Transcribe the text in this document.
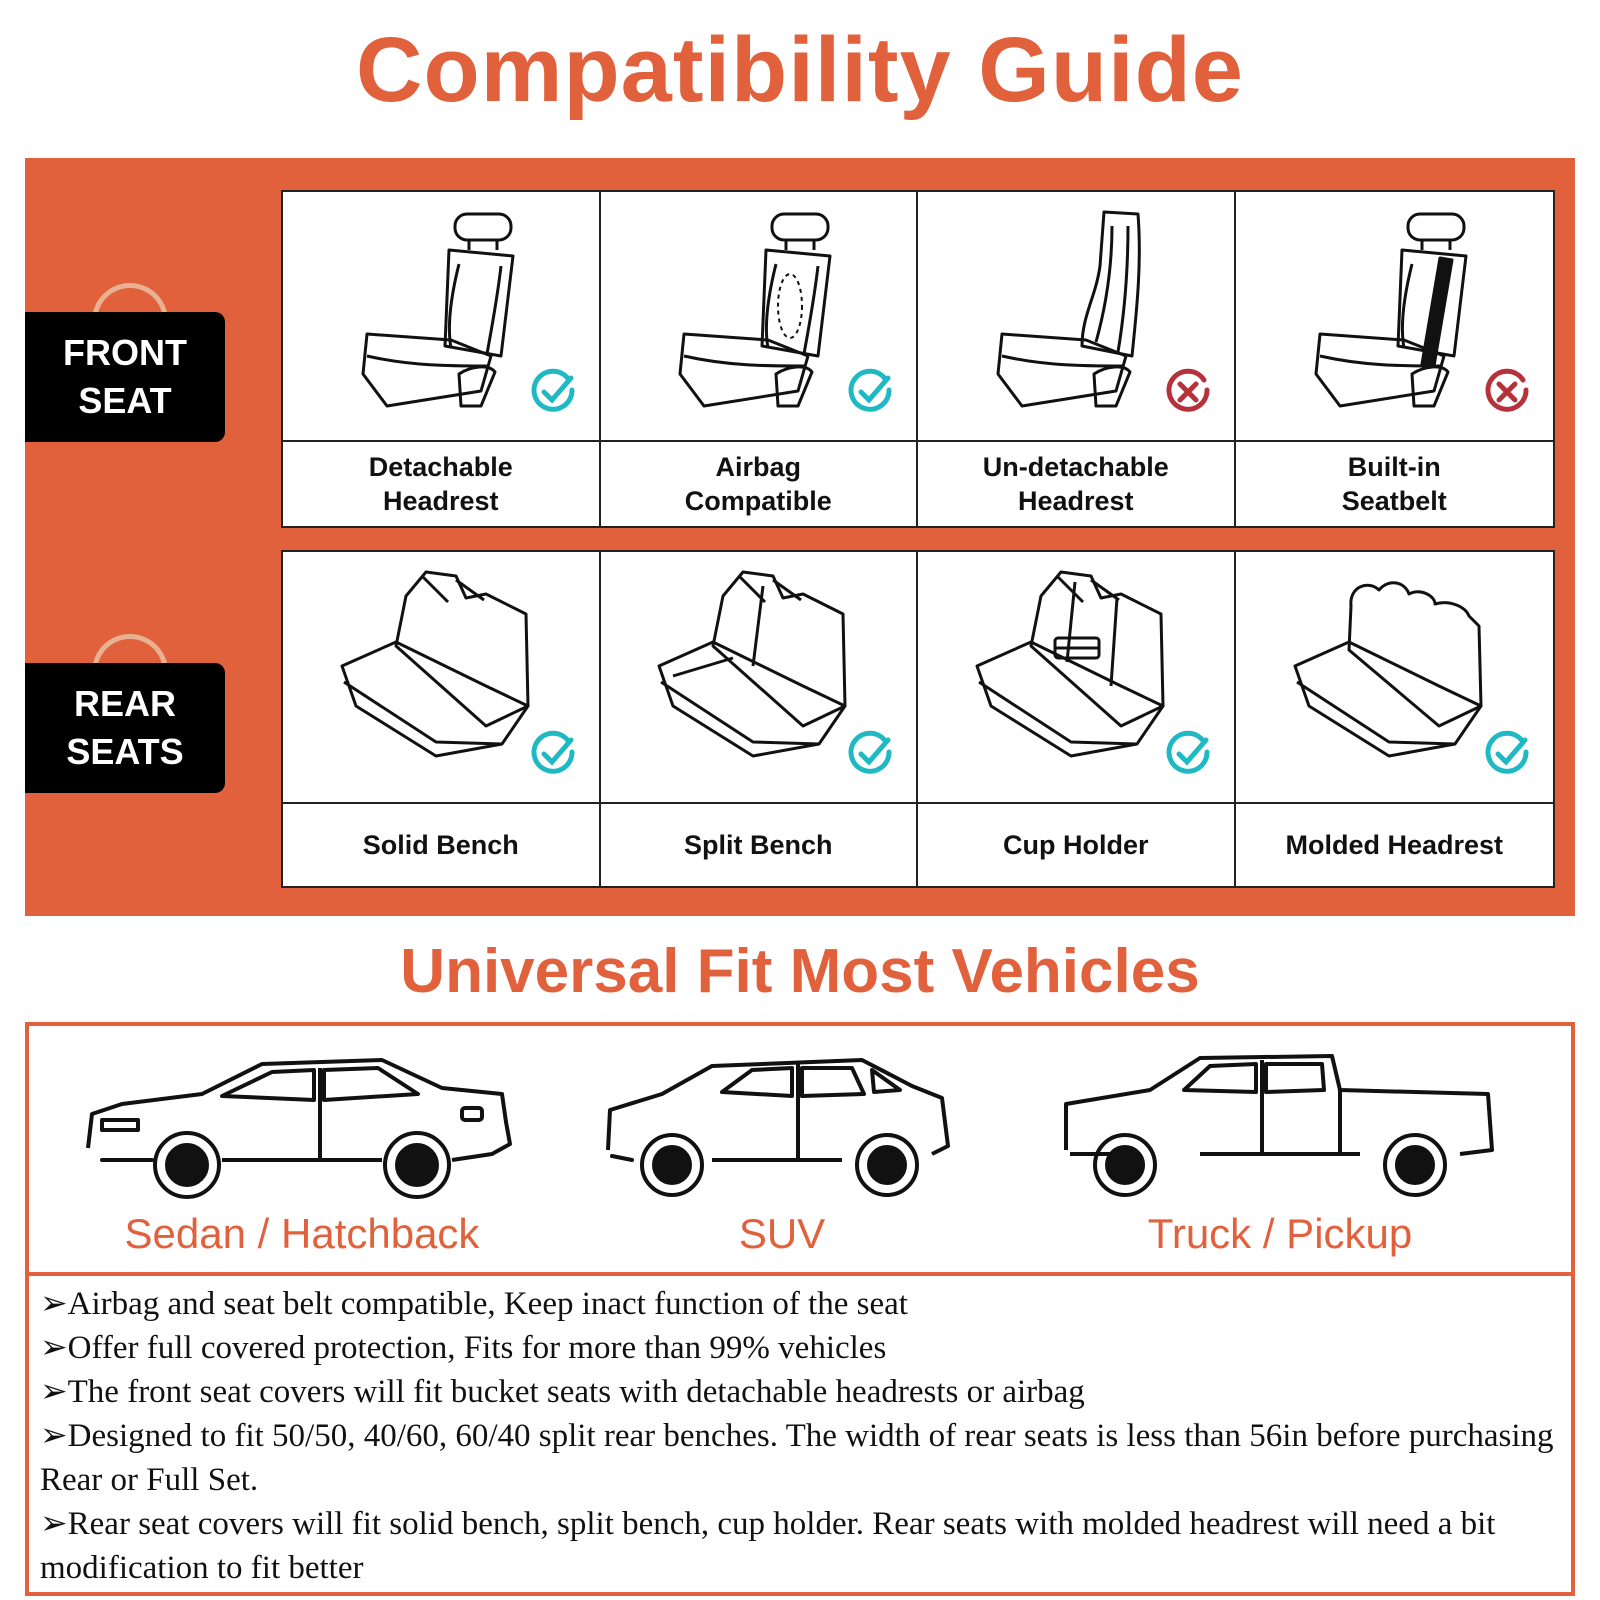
Compatibility Guide
FRONT
SEAT
REAR
SEATS
Detachable
Headrest
Airbag
Compatible
Un-detachable
Headrest
Built-in
Seatbelt
Solid Bench	Split Bench	Cup Holder	Molded Headrest
Universal Fit Most Vehicles
Sedan / Hatchback	SUV	Truck / Pickup

➢Airbag and seat belt compatible, Keep inact function of the seat

➢Offer full covered protection, Fits for more than 99% vehicles

➢The front seat covers will fit bucket seats with detachable headrests or airbag

➢Designed to fit 50/50, 40/60, 60/40 split rear benches. The width of rear seats is less than 56in before purchasing Rear or Full Set.

➢Rear seat covers will fit solid bench, split bench, cup holder. Rear seats with molded headrest will need a bit modification to fit better
